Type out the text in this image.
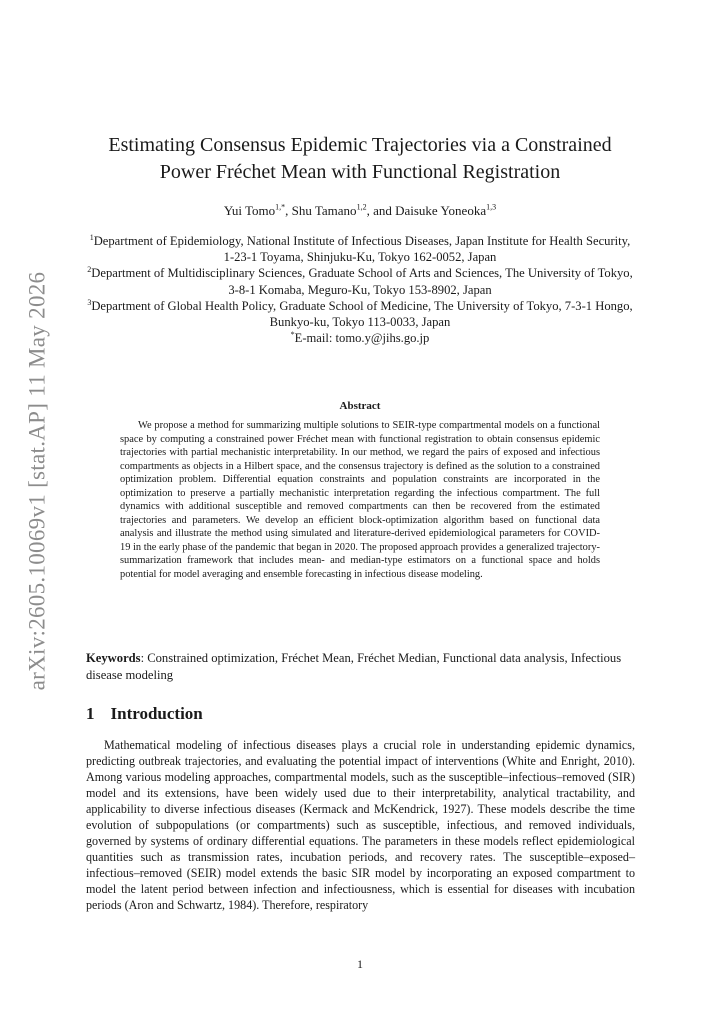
arXiv:2605.10069v1 [stat.AP] 11 May 2026
Estimating Consensus Epidemic Trajectories via a Constrained
Power Fréchet Mean with Functional Registration
Yui Tomo$^{1,*}$, Shu Tamano$^{1,2}$, and Daisuke Yoneoka$^{1,3}$
$^1$Department of Epidemiology, National Institute of Infectious Diseases, Japan Institute for Health Security, 1-23-1 Toyama, Shinjuku-Ku, Tokyo 162-0052, Japan
$^2$Department of Multidisciplinary Sciences, Graduate School of Arts and Sciences, The University of Tokyo, 3-8-1 Komaba, Meguro-Ku, Tokyo 153-8902, Japan
$^3$Department of Global Health Policy, Graduate School of Medicine, The University of Tokyo, 7-3-1 Hongo, Bunkyo-ku, Tokyo 113-0033, Japan
*E-mail: tomo.y@jihs.go.jp
Abstract

We propose a method for summarizing multiple solutions to SEIR-type compartmental models on a functional space by computing a constrained power Fréchet mean with functional registration to obtain consensus epidemic trajectories with partial mechanistic interpretability. In our method, we regard the pairs of exposed and infectious compartments as objects in a Hilbert space, and the consensus trajectory is defined as the solution to a constrained optimization problem. Differential equation constraints and population constraints are incorporated in the optimization to preserve a partially mechanistic interpretation regarding the infectious compartment. The full dynamics with additional susceptible and removed compartments can then be recovered from the estimated trajectories and parameters. We develop an efficient block-optimization algorithm based on functional data analysis and illustrate the method using simulated and literature-derived epidemiological parameters for COVID-19 in the early phase of the pandemic that began in 2020. The proposed approach provides a generalized trajectory-summarization framework that includes mean- and median-type estimators on a functional space and holds potential for model averaging and ensemble forecasting in infectious disease modeling.

Keywords: Constrained optimization, Fréchet Mean, Fréchet Median, Functional data analysis, Infectious disease modeling

1 Introduction

Mathematical modeling of infectious diseases plays a crucial role in understanding epidemic dynamics, predicting outbreak trajectories, and evaluating the potential impact of interventions (White and Enright, 2010). Among various modeling approaches, compartmental models, such as the susceptible–infectious–removed (SIR) model and its extensions, have been widely used due to their interpretability, analytical tractability, and applicability to diverse infectious diseases (Kermack and McKendrick, 1927). These models describe the time evolution of subpopulations (or compartments) such as susceptible, infectious, and removed individuals, governed by systems of ordinary differential equations. The parameters in these models reflect epidemiological quantities such as transmission rates, incubation periods, and recovery rates. The susceptible–exposed–infectious–removed (SEIR) model extends the basic SIR model by incorporating an exposed compartment to model the latent period between infection and infectiousness, which is essential for diseases with incubation periods (Aron and Schwartz, 1984). Therefore, respiratory

1
